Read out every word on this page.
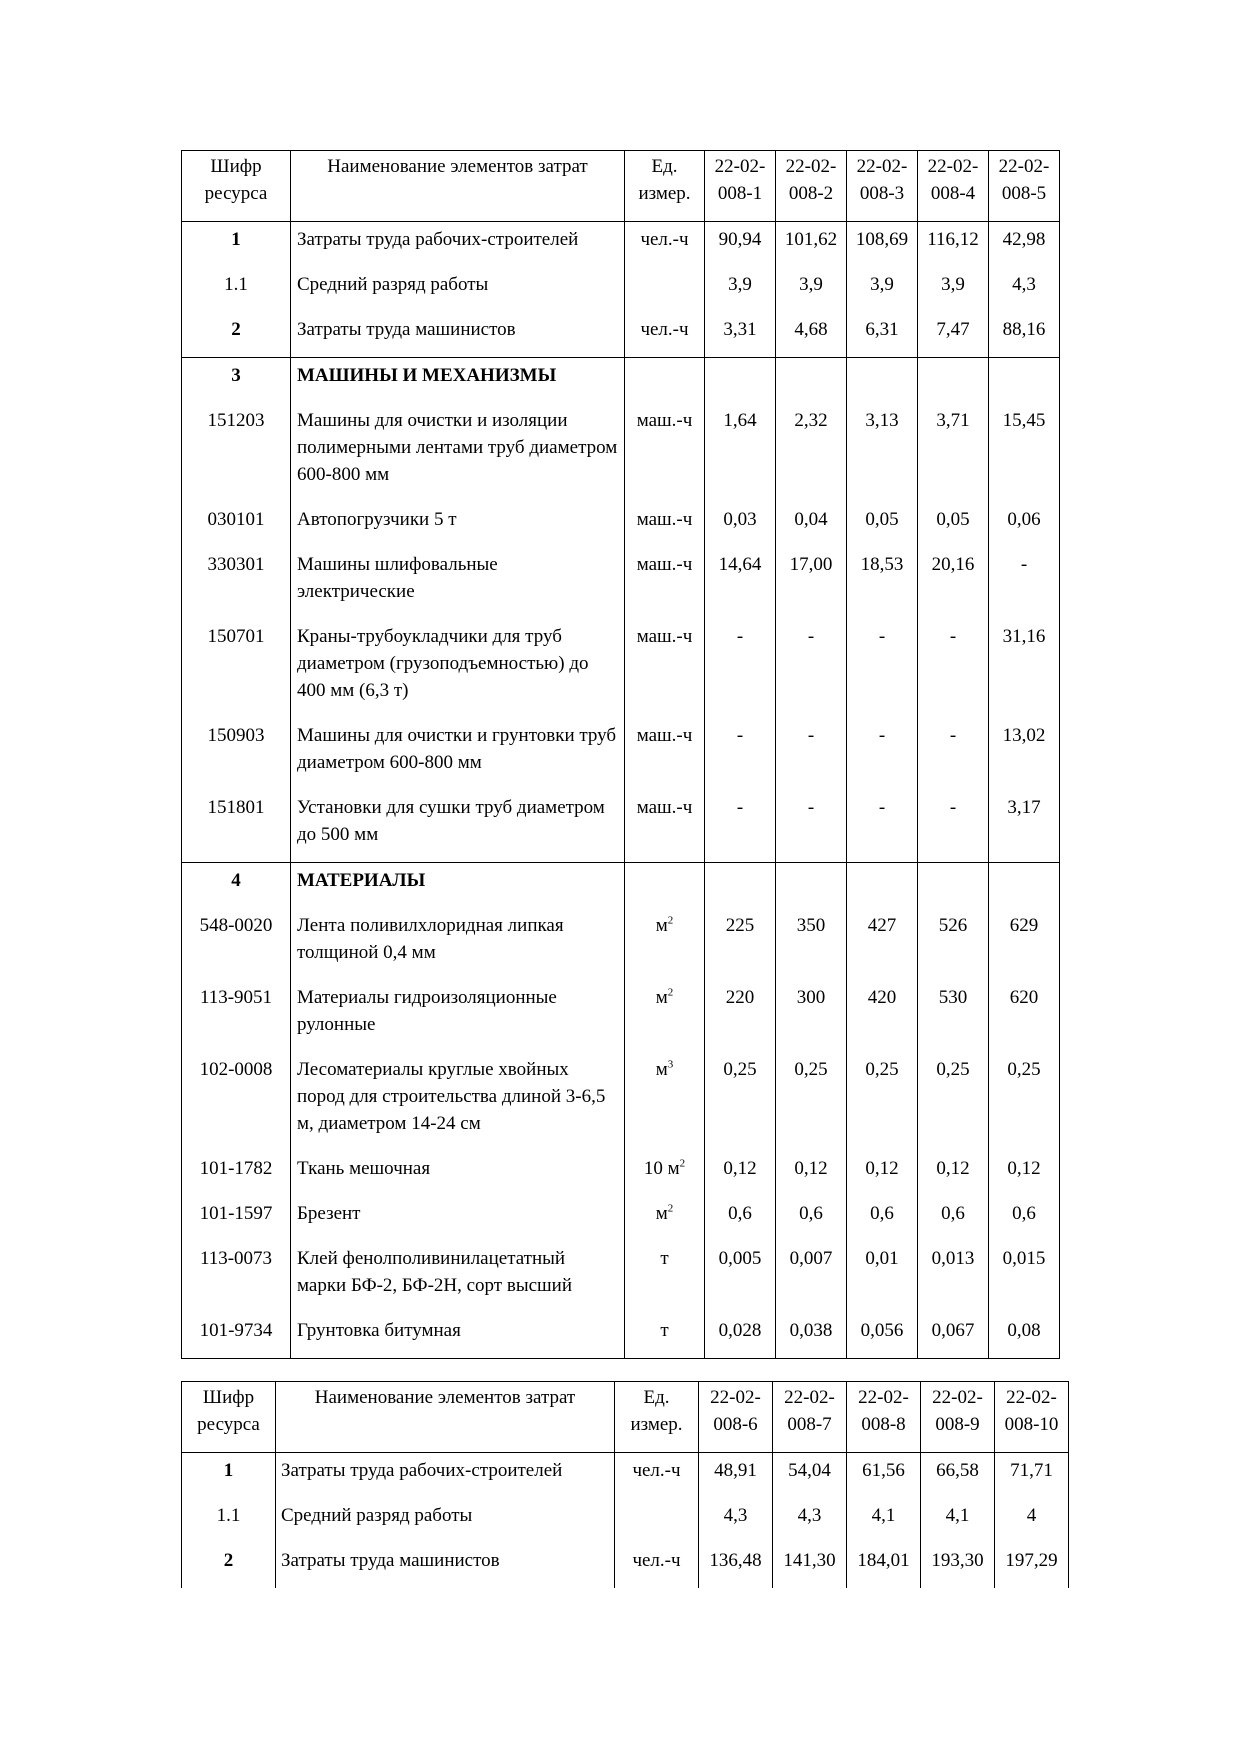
Шифр ресурса	Наименование элементов затрат	Ед. измер.	22-02-008-1	22-02-008-2	22-02-008-3	22-02-008-4	22-02-008-5
1	Затраты труда рабочих-строителей	чел.-ч	90,94	101,62	108,69	116,12	42,98
1.1	Средний разряд работы		3,9	3,9	3,9	3,9	4,3
2	Затраты труда машинистов	чел.-ч	3,31	4,68	6,31	7,47	88,16
3	МАШИНЫ И МЕХАНИЗМЫ						
151203	Машины для очистки и изоляции полимерными лентами труб диаметром 600-800 мм	маш.-ч	1,64	2,32	3,13	3,71	15,45
030101	Автопогрузчики 5 т	маш.-ч	0,03	0,04	0,05	0,05	0,06
330301	Машины шлифовальные электрические	маш.-ч	14,64	17,00	18,53	20,16	-
150701	Краны-трубоукладчики для труб диаметром (грузоподъемностью) до 400 мм (6,3 т)	маш.-ч	-	-	-	-	31,16
150903	Машины для очистки и грунтовки труб диаметром 600-800 мм	маш.-ч	-	-	-	-	13,02
151801	Установки для сушки труб диаметром до 500 мм	маш.-ч	-	-	-	-	3,17
4	МАТЕРИАЛЫ						
548-0020	Лента поливилхлоридная липкая толщиной 0,4 мм	$м^2$	225	350	427	526	629
113-9051	Материалы гидроизоляционные рулонные	$м^2$	220	300	420	530	620
102-0008	Лесоматериалы круглые хвойных пород для строительства длиной 3-6,5 м, диаметром 14-24 см	$м^3$	0,25	0,25	0,25	0,25	0,25
101-1782	Ткань мешочная	10 $м^2$	0,12	0,12	0,12	0,12	0,12
101-1597	Брезент	$м^2$	0,6	0,6	0,6	0,6	0,6
113-0073	Клей фенолполивинилацетатный марки БФ-2, БФ-2Н, сорт высший	т	0,005	0,007	0,01	0,013	0,015
101-9734	Грунтовка битумная	т	0,028	0,038	0,056	0,067	0,08
Шифр ресурса	Наименование элементов затрат	Ед. измер.	22-02-008-6	22-02-008-7	22-02-008-8	22-02-008-9	22-02-008-10
1	Затраты труда рабочих-строителей	чел.-ч	48,91	54,04	61,56	66,58	71,71
1.1	Средний разряд работы		4,3	4,3	4,1	4,1	4
2	Затраты труда машинистов	чел.-ч	136,48	141,30	184,01	193,30	197,29
